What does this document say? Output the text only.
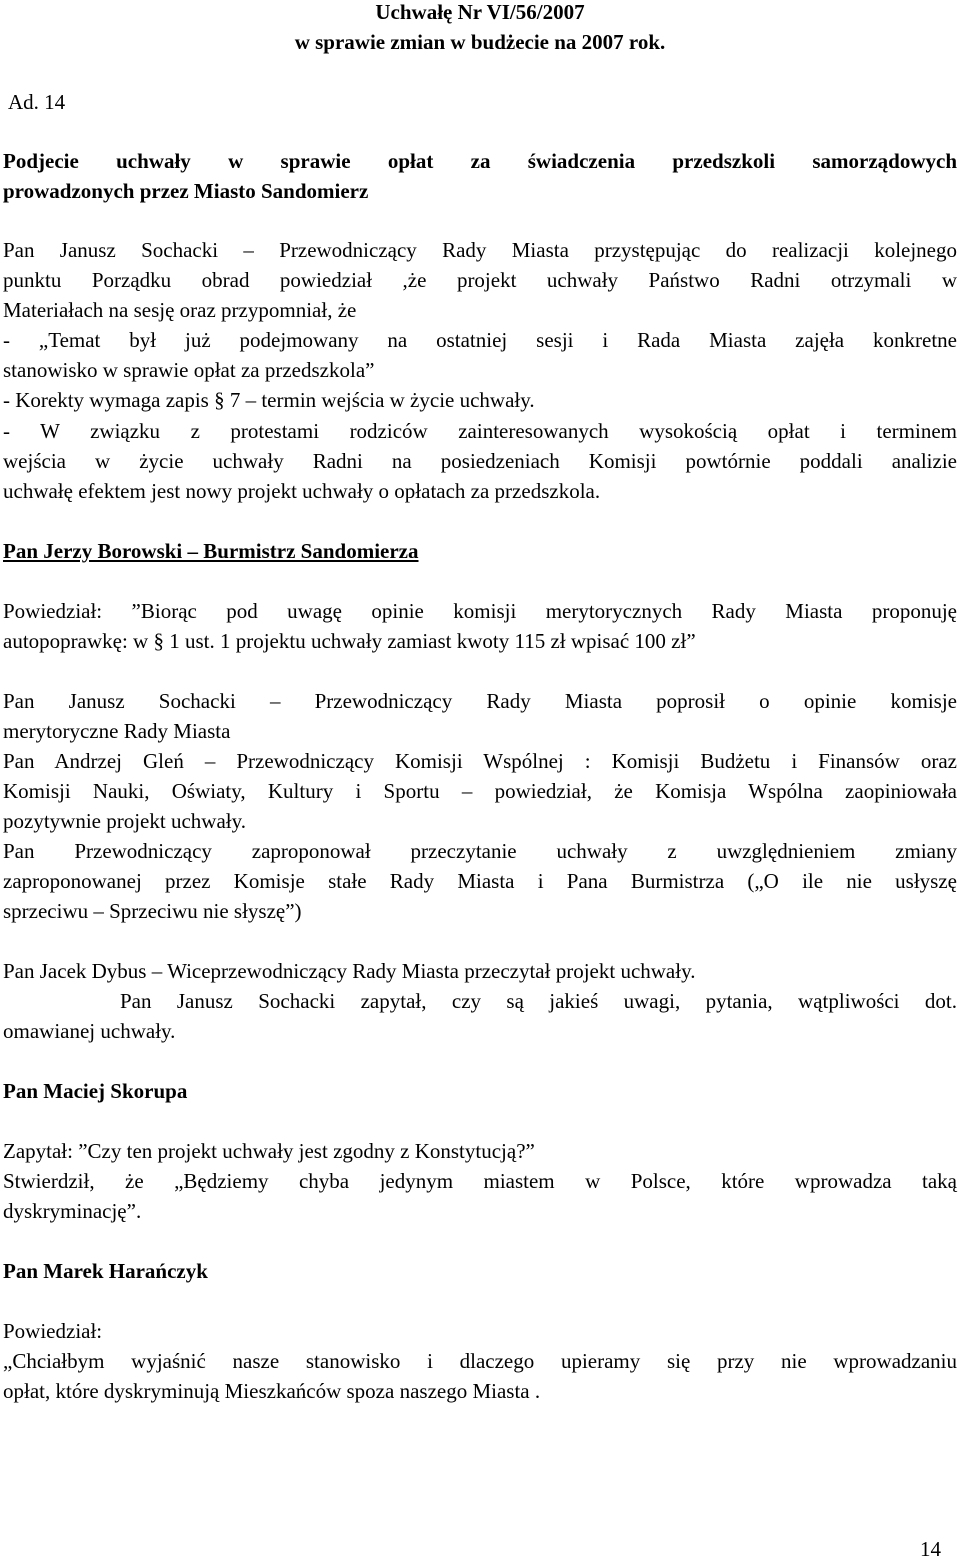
Uchwałę Nr VI/56/2007
w sprawie zmian w budżecie na 2007 rok.
Ad. 14
Podjecie uchwały w sprawie opłat za świadczenia przedszkoli samorządowych
prowadzonych przez Miasto Sandomierz
Pan Janusz Sochacki – Przewodniczący Rady Miasta przystępując do realizacji kolejnego
punktu Porządku obrad powiedział ,że projekt uchwały Państwo Radni otrzymali w
Materiałach na sesję oraz przypomniał, że
- „Temat był już podejmowany na ostatniej sesji i Rada Miasta zajęła konkretne
stanowisko w sprawie opłat za przedszkola”
- Korekty wymaga zapis § 7 – termin wejścia w życie uchwały.
- W związku z protestami rodziców zainteresowanych wysokością opłat i terminem
wejścia w życie uchwały Radni na posiedzeniach Komisji powtórnie poddali analizie
uchwałę efektem jest nowy projekt uchwały o opłatach za przedszkola.
Pan Jerzy Borowski – Burmistrz Sandomierza
Powiedział: ”Biorąc pod uwagę opinie komisji merytorycznych Rady Miasta proponuję
autopoprawkę: w § 1 ust. 1 projektu uchwały zamiast kwoty 115 zł wpisać 100 zł”
Pan Janusz Sochacki – Przewodniczący Rady Miasta poprosił o opinie komisje
merytoryczne Rady Miasta
Pan Andrzej Gleń – Przewodniczący Komisji Wspólnej : Komisji Budżetu i Finansów oraz
Komisji Nauki, Oświaty, Kultury i Sportu – powiedział, że Komisja Wspólna zaopiniowała
pozytywnie projekt uchwały.
Pan Przewodniczący zaproponował przeczytanie uchwały z uwzględnieniem zmiany
zaproponowanej przez Komisje stałe Rady Miasta i Pana Burmistrza („O ile nie usłyszę
sprzeciwu – Sprzeciwu nie słyszę”)
Pan Jacek Dybus – Wiceprzewodniczący Rady Miasta przeczytał projekt uchwały.
Pan Janusz Sochacki zapytał, czy są jakieś uwagi, pytania, wątpliwości dot.
omawianej uchwały.
Pan Maciej Skorupa
Zapytał: ”Czy ten projekt uchwały jest zgodny z Konstytucją?”
Stwierdził, że „Będziemy chyba jedynym miastem w Polsce, które wprowadza taką
dyskryminację”.
Pan Marek Harańczyk
Powiedział:
„Chciałbym wyjaśnić nasze stanowisko i dlaczego upieramy się przy nie wprowadzaniu
opłat, które dyskryminują Mieszkańców spoza naszego Miasta .
14
